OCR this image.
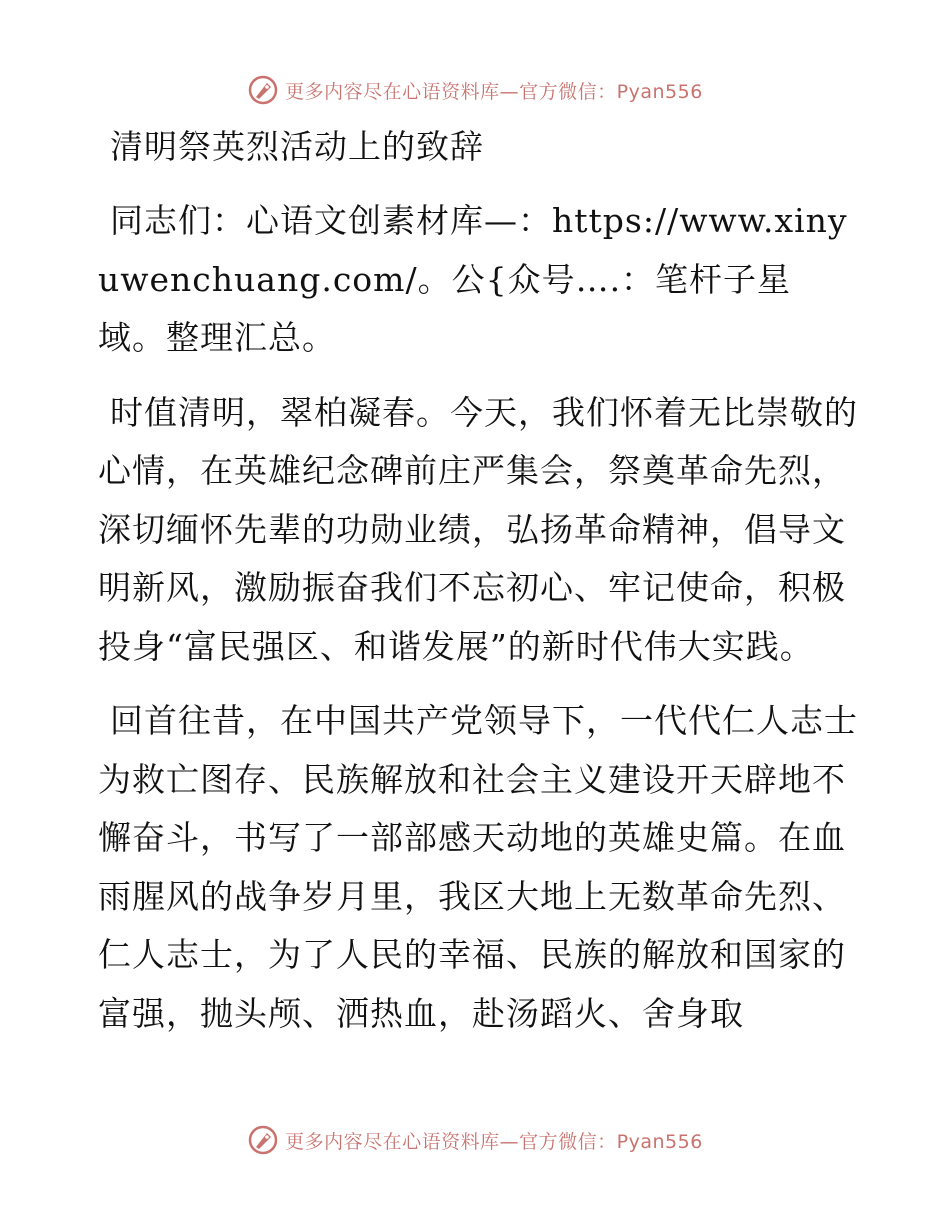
更多内容尽在心语资料库—官方微信：Pyan556

清明祭英烈活动上的致辞

同志们：心语文创素材库—：https://www.xinyuwenchuang.com/。公{众号….：笔杆子星域。整理汇总。

时值清明，翠柏凝春。今天，我们怀着无比崇敬的心情，在英雄纪念碑前庄严集会，祭奠革命先烈，深切缅怀先辈的功勋业绩，弘扬革命精神，倡导文明新风，激励振奋我们不忘初心、牢记使命，积极投身“富民强区、和谐发展”的新时代伟大实践。

回首往昔，在中国共产党领导下，一代代仁人志士为救亡图存、民族解放和社会主义建设开天辟地不懈奋斗，书写了一部部感天动地的英雄史篇。在血雨腥风的战争岁月里，我区大地上无数革命先烈、仁人志士，为了人民的幸福、民族的解放和国家的富强，抛头颅、洒热血，赴汤蹈火、舍身取

更多内容尽在心语资料库—官方微信：Pyan556
